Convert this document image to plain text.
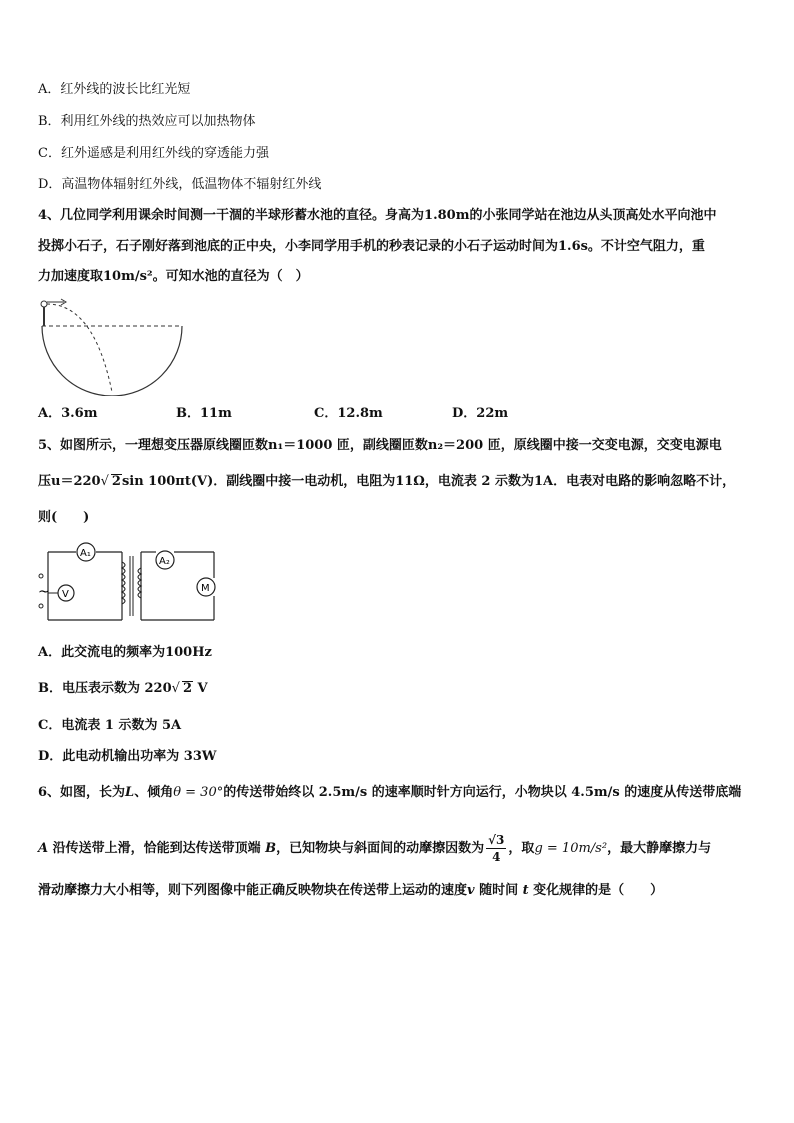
A．红外线的波长比红光短
B．利用红外线的热效应可以加热物体
C．红外遥感是利用红外线的穿透能力强
D．高温物体辐射红外线，低温物体不辐射红外线
4、几位同学利用课余时间测一干涸的半球形蓄水池的直径。身高为1.80m的小张同学站在池边从头顶高处水平向池中
投掷小石子，石子刚好落到池底的正中央，小李同学用手机的秒表记录的小石子运动时间为1.6s。不计空气阻力，重
力加速度取10m/s²。可知水池的直径为（　）
A．3.6m	B．11m	C．12.8m	D．22m
5、如图所示，一理想变压器原线圈匝数n₁＝1000 匝，副线圈匝数n₂＝200 匝，原线圈中接一交变电源，交变电源电
压u＝220√ 2sin 100πt(V)．副线圈中接一电动机，电阻为11Ω，电流表 2 示数为1A．电表对电路的影响忽略不计，
则(　　)
~ V
A₁
A₂
M
A．此交流电的频率为100Hz
B．电压表示数为 220√ 2 V
C．电流表 1 示数为 5A
D．此电动机输出功率为 33W
6、如图，长为L、倾角θ = 30°的传送带始终以 2.5m/s 的速率顺时针方向运行，小物块以 4.5m/s 的速度从传送带底端
A 沿传送带上滑，恰能到达传送带顶端 B，已知物块与斜面间的动摩擦因数为 $\frac{√3}{4}$ ，取g = 10m/s²，最大静摩擦力与
滑动摩擦力大小相等，则下列图像中能正确反映物块在传送带上运动的速度v 随时间 t 变化规律的是（　　）
